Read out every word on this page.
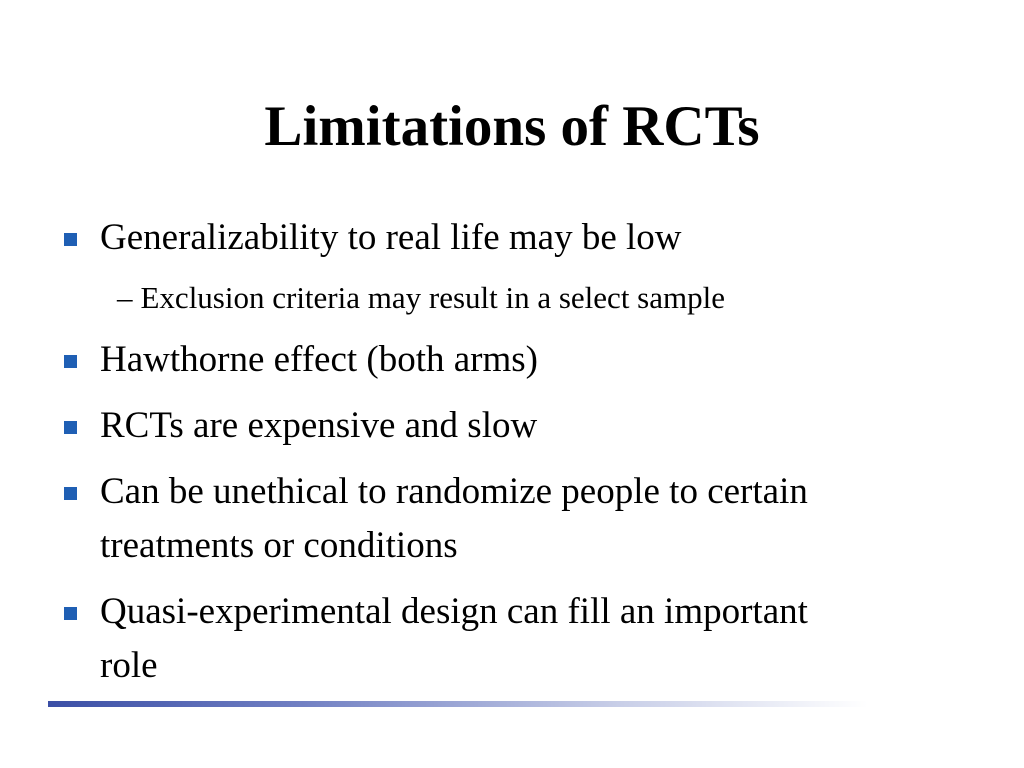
Limitations of RCTs
Generalizability to real life may be low
– Exclusion criteria may result in a select sample
Hawthorne effect (both arms)
RCTs are expensive and slow
Can be unethical to randomize people to certain treatments or conditions
Quasi-experimental design can fill an important role
